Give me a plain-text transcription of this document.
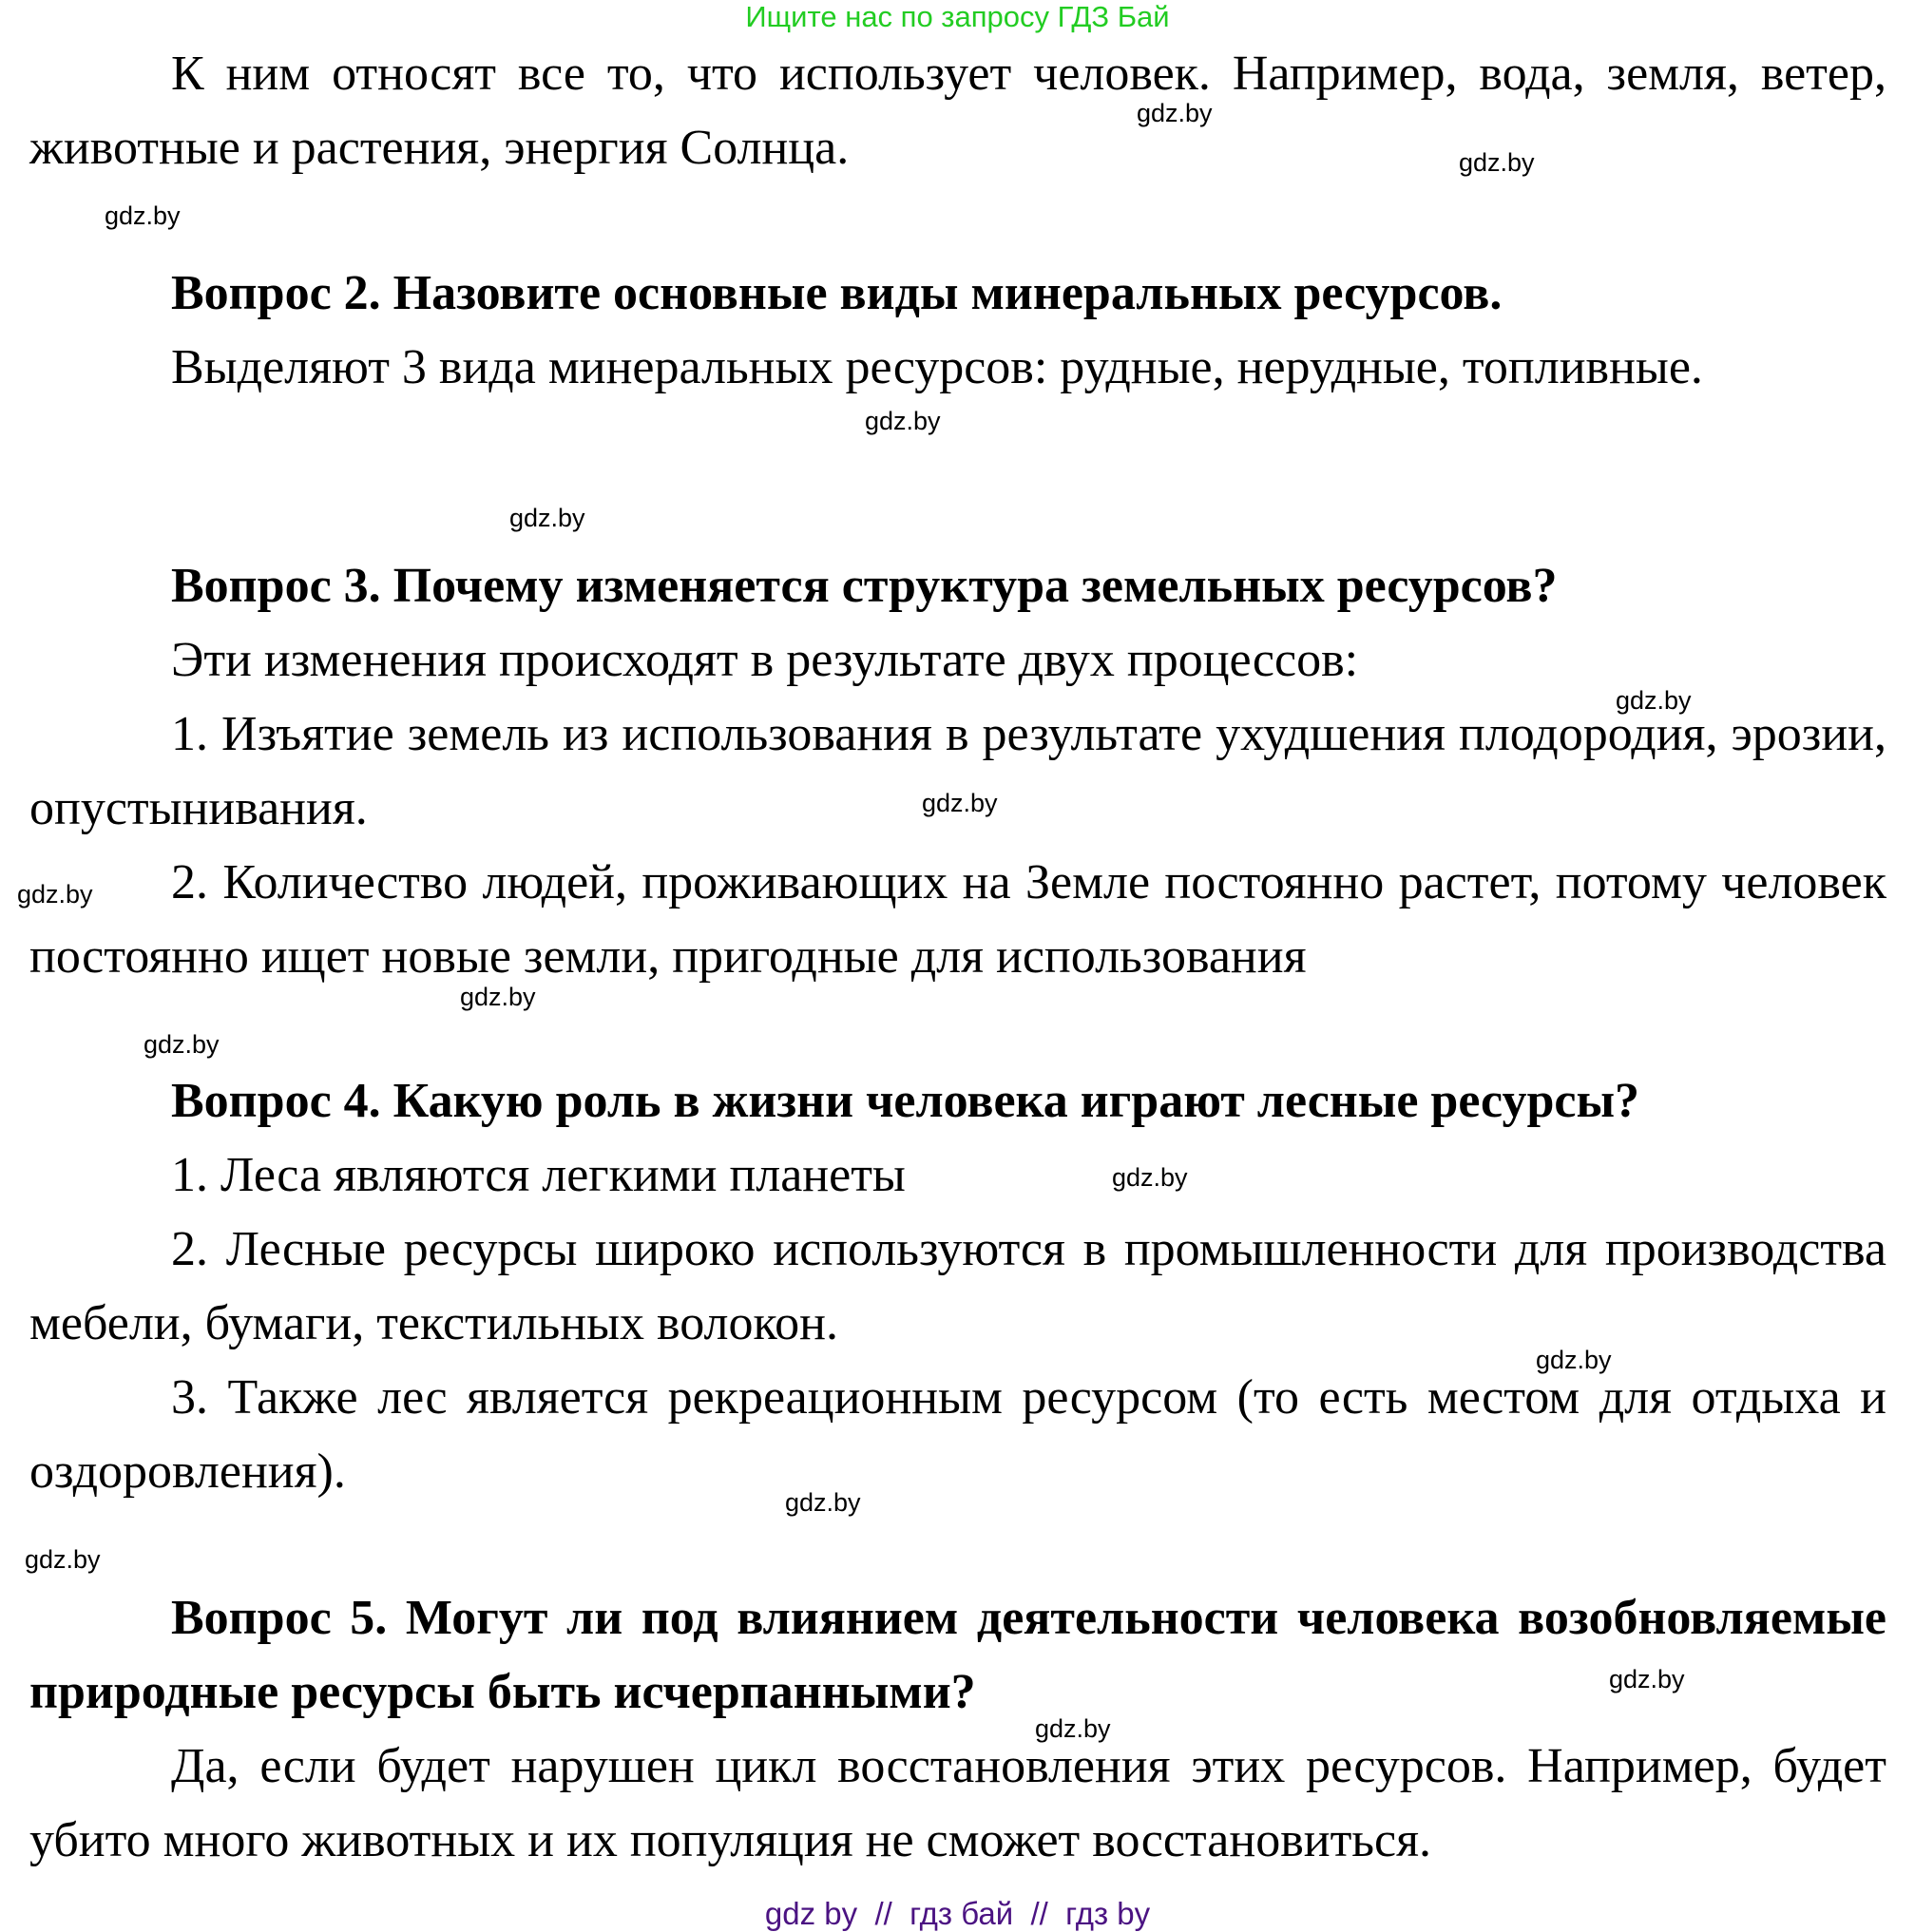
Ищите нас по запросу ГДЗ Бай
К ним относят все то, что использует человек. Например, вода, земля, ветер, животные и растения, энергия Солнца.
Вопрос 2. Назовите основные виды минеральных ресурсов.
Выделяют 3 вида минеральных ресурсов: рудные, нерудные, топливные.
Вопрос 3. Почему изменяется структура земельных ресурсов?
Эти изменения происходят в результате двух процессов:
1. Изъятие земель из использования в результате ухудшения плодородия, эрозии, опустынивания.
2. Количество людей, проживающих на Земле постоянно растет, потому человек постоянно ищет новые земли, пригодные для использования
Вопрос 4. Какую роль в жизни человека играют лесные ресурсы?
1. Леса являются легкими планеты
2. Лесные ресурсы широко используются в промышленности для производства мебели, бумаги, текстильных волокон.
3. Также лес является рекреационным ресурсом (то есть местом для отдыха и оздоровления).
Вопрос 5. Могут ли под влиянием деятельности человека возобновляемые природные ресурсы быть исчерпанными?
Да, если будет нарушен цикл восстановления этих ресурсов. Например, будет убито много животных и их популяция не сможет восстановиться.
gdz.by
gdz.by
gdz.by
gdz.by
gdz.by
gdz.by
gdz.by
gdz.by
gdz.by
gdz.by
gdz.by
gdz.by
gdz.by
gdz.by
gdz.by
gdz.by
gdz by  //  гдз бай  //  гдз by
